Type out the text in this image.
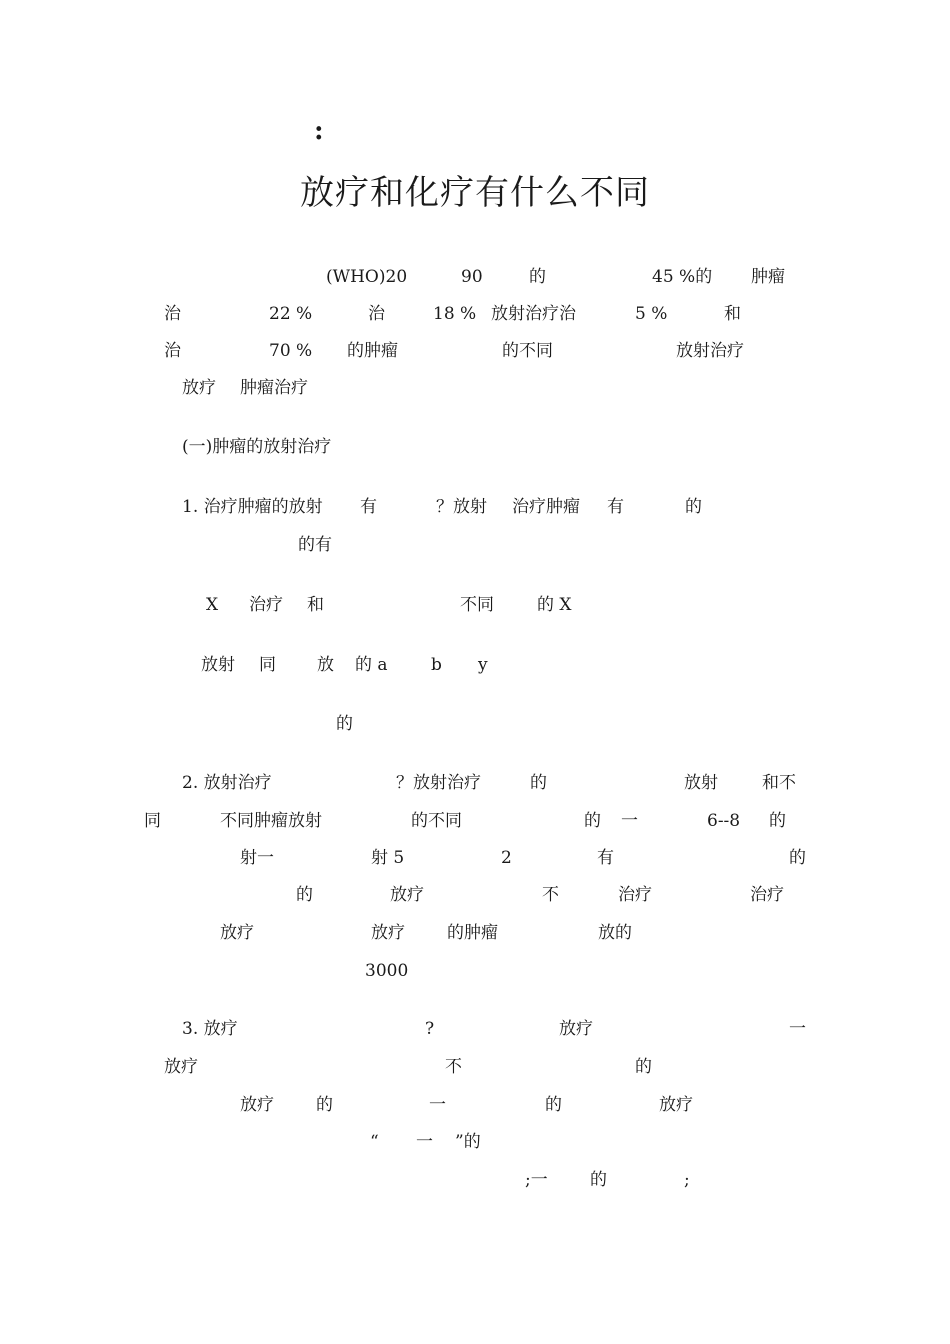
:
放疗和化疗有什么不同
(WHO)20	90	的	45 %的 肿瘤
治	22 %	治	18 % 放射治疗治	5 %	和
治	70 % 的肿瘤	的不同	放射治疗
放疗 肿瘤治疗
(一)肿瘤的放射治疗
1. 治疗肿瘤的放射 有	？放射 治疗肿瘤 有	的
的有
X 治疗 和	不同	的 X
放射 同 放 的 a	b y
的
2. 放射治疗	？放射治疗	的	放射	和不
同	不同肿瘤放射	的不同	的 一	6--8 的
射一	射 5	2	有	的
的	放疗	不	治疗	治疗
放疗	放疗 的肿瘤	放的
3000
3. 放疗	?	放疗	一
放疗	不	的
放疗 的	一	的	放疗
“ 一 ”的
;一 的	;
